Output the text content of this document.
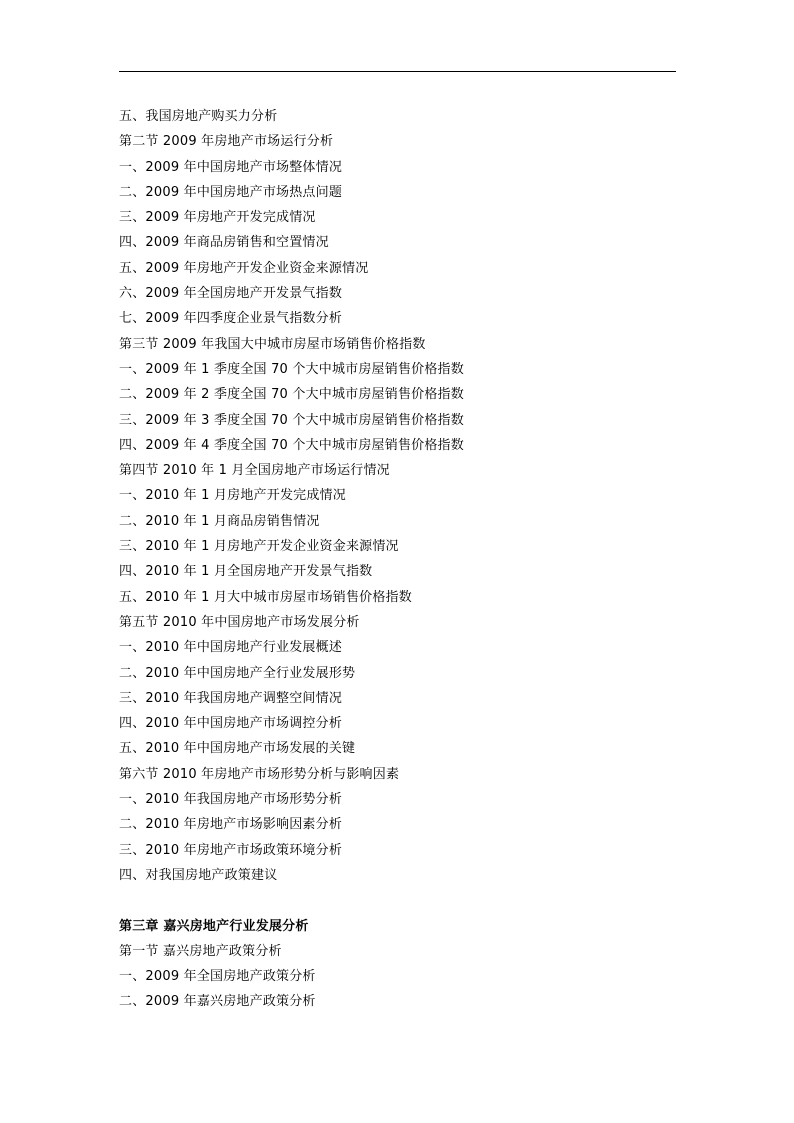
五、我国房地产购买力分析
第二节 2009 年房地产市场运行分析
一、2009 年中国房地产市场整体情况
二、2009 年中国房地产市场热点问题
三、2009 年房地产开发完成情况
四、2009 年商品房销售和空置情况
五、2009 年房地产开发企业资金来源情况
六、2009 年全国房地产开发景气指数
七、2009 年四季度企业景气指数分析
第三节 2009 年我国大中城市房屋市场销售价格指数
一、2009 年 1 季度全国 70 个大中城市房屋销售价格指数
二、2009 年 2 季度全国 70 个大中城市房屋销售价格指数
三、2009 年 3 季度全国 70 个大中城市房屋销售价格指数
四、2009 年 4 季度全国 70 个大中城市房屋销售价格指数
第四节 2010 年 1 月全国房地产市场运行情况
一、2010 年 1 月房地产开发完成情况
二、2010 年 1 月商品房销售情况
三、2010 年 1 月房地产开发企业资金来源情况
四、2010 年 1 月全国房地产开发景气指数
五、2010 年 1 月大中城市房屋市场销售价格指数
第五节 2010 年中国房地产市场发展分析
一、2010 年中国房地产行业发展概述
二、2010 年中国房地产全行业发展形势
三、2010 年我国房地产调整空间情况
四、2010 年中国房地产市场调控分析
五、2010 年中国房地产市场发展的关键
第六节 2010 年房地产市场形势分析与影响因素
一、2010 年我国房地产市场形势分析
二、2010 年房地产市场影响因素分析
三、2010 年房地产市场政策环境分析
四、对我国房地产政策建议
第三章 嘉兴房地产行业发展分析
第一节 嘉兴房地产政策分析
一、2009 年全国房地产政策分析
二、2009 年嘉兴房地产政策分析
